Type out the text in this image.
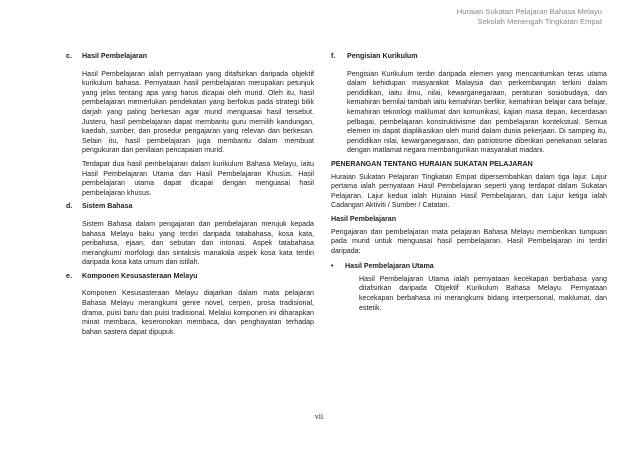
Huraian Sukatan Pelajaran Bahasa Melayu
Sekolah Menengah Tingkatan Empat
c.	Hasil Pembelajaran

Hasil Pembelajaran ialah pernyataan yang ditafsirkan daripada objektif kurikulum bahasa. Pernyataan hasil pembelajaran merupakan petunjuk yang jelas tentang apa yang harus dicapai oleh murid. Oleh itu, hasil pembelajaran memerlukan pendekatan yang berfokus pada strategi bilik darjah yang paling berkesan agar murid menguasai hasil tersebut. Justeru, hasil pembelajaran dapat membantu guru memilih kandungan, kaedah, sumber, dan prosedur pengajaran yang relevan dan berkesan. Selain itu, hasil pembelajaran juga membantu dalam membuat pengukuran dan penilaian pencapaian murid.

Terdapat dua hasil pembelajaran dalam kurikulum Bahasa Melayu, iaitu Hasil Pembelajaran Utama dan Hasil Pembelajaran Khusus. Hasil pembelajaran utama dapat dicapai dengan menguasai hasil pembelajaran khusus.

d.	Sistem Bahasa

Sistem Bahasa dalam pengajaran dan pembelajaran merujuk kepada bahasa Melayu baku yang terdiri daripada tatabahasa, kosa kata, peribahasa, ejaan, dan sebutan dan intonasi. Aspek tatabahasa merangkumi morfologi dan sintaksis manakala aspek kosa kata terdiri daripada kosa kata umum dan istilah.

e.	Komponen Kesusasteraan Melayu

Komponen Kesusasteraan Melayu diajarkan dalam mata pelajaran Bahasa Melayu merangkumi genre novel, cerpen, prosa tradisional, drama, puisi baru dan puisi tradisional. Melalui komponen ini diharapkan minat membaca, keseronokan membaca, dan penghayatan terhadap bahan sastera dapat dipupuk.

f.	Pengisian Kurikulum

Pengisian Kurikulum terdiri daripada elemen yang mencantumkan teras utama dalam kehidupan masyarakat Malaysia dan perkembangan terkini dalam pendidikan, iaitu ilmu, nilai, kewarganegaraan, peraturan sosiobudaya, dan kemahiran bernilai tambah iaitu kemahiran berfikir, kemahiran belajar cara belajar, kemahiran teknologi maklumat dan komunikasi, kajian masa depan, kecerdasan pelbagai, pembelajaran konstruktivisme dan pembelajaran kontekstual. Semua elemen ini dapat diaplikasikan oleh murid dalam dunia pekerjaan. Di samping itu, pendidikan nilai, kewarganegaraan, dan patriotisme diberikan penekanan selaras dengan matlamat negara membangunkan masyarakat madani.

PENERANGAN TENTANG HURAIAN SUKATAN PELAJARAN

Huraian Sukatan Pelajaran Tingkatan Empat dipersembahkan dalam tiga lajur. Lajur pertama ialah pernyataan Hasil Pembelajaran seperti yang terdapat dalam Sukatan Pelajaran. Lajur kedua ialah Huraian Hasil Pembelajaran, dan Lajur ketiga ialah Cadangan Aktiviti / Sumber / Catatan.

Hasil Pembelajaran

Pengajaran dan pembelajaran mata pelajaran Bahasa Melayu memberikan tumpuan pada murid untuk menguasai hasil pembelajaran. Hasil Pembelajaran ini terdiri daripada:

•	Hasil Pembelajaran Utama

Hasil Pembelajaran Utama ialah pernyataan kecekapan berbahasa yang ditafsirkan daripada Objektif Kurikulum Bahasa Melayu. Pernyataan kecekapan berbahasa ini merangkumi bidang interpersonal, maklumat, dan estetik.

vii
